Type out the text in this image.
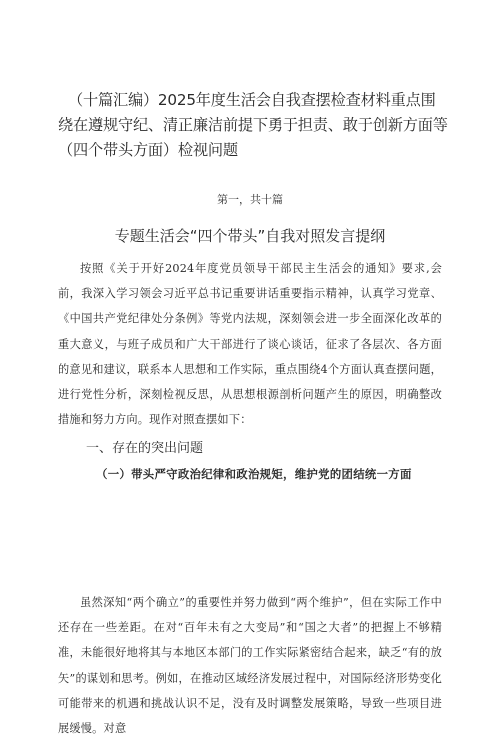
（十篇汇编）2025年度生活会自我查摆检查材料重点围绕在遵规守纪、清正廉洁前提下勇于担责、敢于创新方面等（四个带头方面）检视问题

第一，共十篇

专题生活会“四个带头”自我对照发言提纲

按照《关于开好2024年度党员领导干部民主生活会的通知》要求,会前，我深入学习领会习近平总书记重要讲话重要指示精神，认真学习党章、《中国共产党纪律处分条例》等党内法规，深刻领会进一步全面深化改革的重大意义，与班子成员和广大干部进行了谈心谈话，征求了各层次、各方面的意见和建议，联系本人思想和工作实际，重点围绕4个方面认真查摆问题，进行党性分析，深刻检视反思，从思想根源剖析问题产生的原因，明确整改措施和努力方向。现作对照查摆如下：

一、存在的突出问题
（一）带头严守政治纪律和政治规矩，维护党的团结统一方面

虽然深知“两个确立”的重要性并努力做到“两个维护”，但在实际工作中还存在一些差距。在对“百年未有之大变局”和“国之大者”的把握上不够精准，未能很好地将其与本地区本部门的工作实际紧密结合起来，缺乏“有的放矢”的谋划和思考。例如，在推动区域经济发展过程中，对国际经济形势变化可能带来的机遇和挑战认识不足，没有及时调整发展策略，导致一些项目进展缓慢。对意
